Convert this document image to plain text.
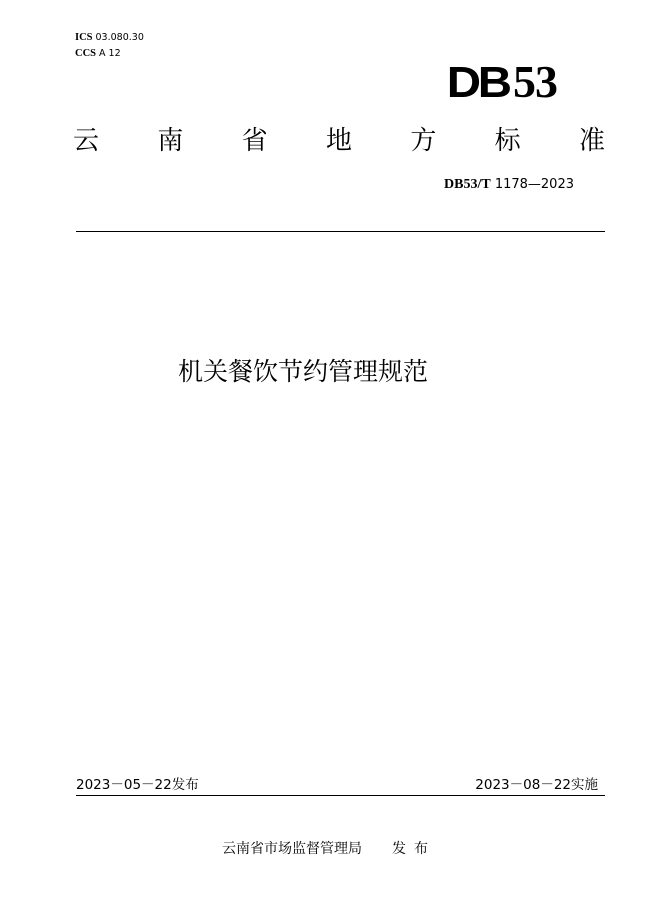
ICS 03.080.30
CCS A 12
DB53
云 南 省 地 方 标 准
DB53/T 1178—2023
机关餐饮节约管理规范
2023－05－22发布	2023－08－22实施
云南省市场监督管理局 发布
